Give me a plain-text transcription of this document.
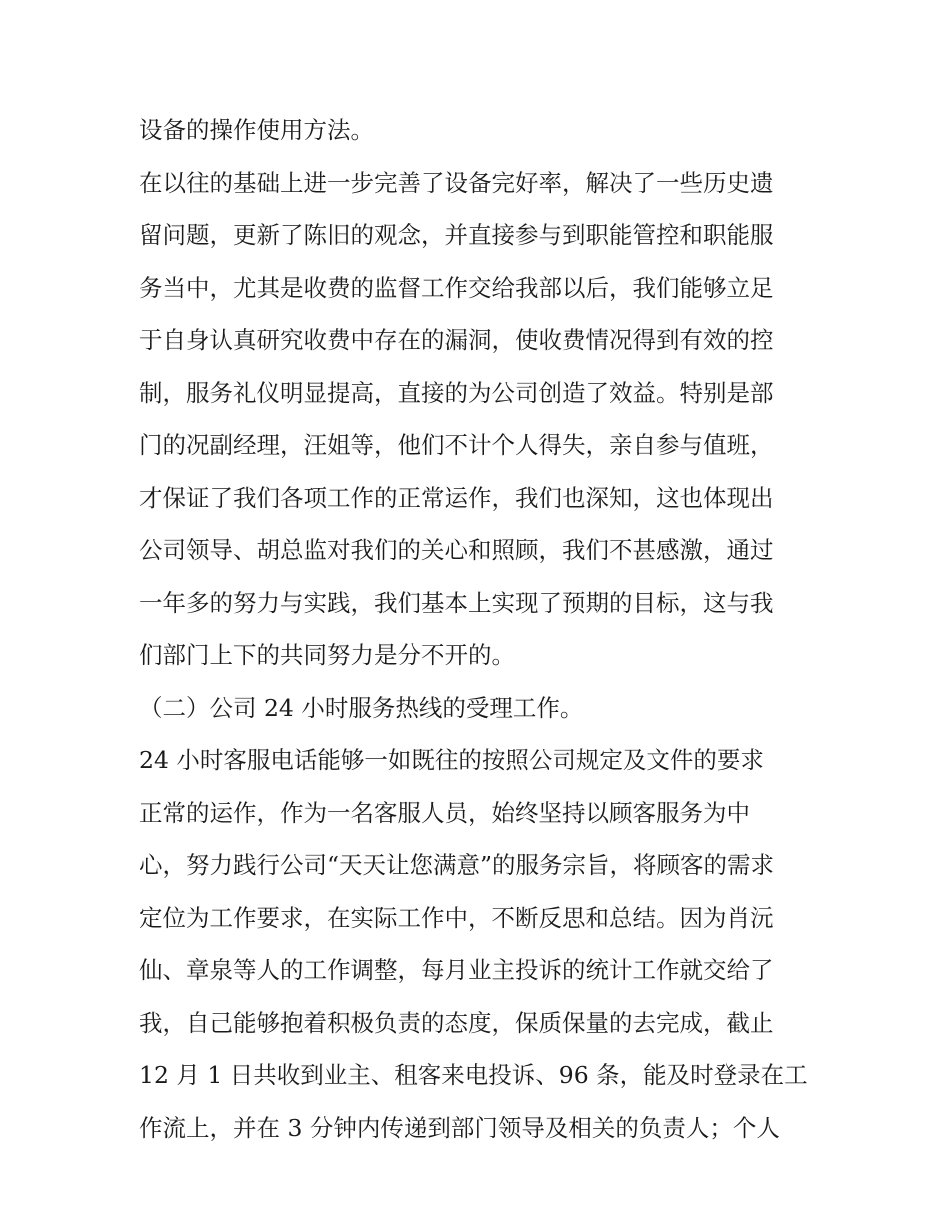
设备的操作使用方法。
在以往的基础上进一步完善了设备完好率，解决了一些历史遗
留问题，更新了陈旧的观念，并直接参与到职能管控和职能服
务当中，尤其是收费的监督工作交给我部以后，我们能够立足
于自身认真研究收费中存在的漏洞，使收费情况得到有效的控
制，服务礼仪明显提高，直接的为公司创造了效益。特别是部
门的况副经理，汪姐等，他们不计个人得失，亲自参与值班，
才保证了我们各项工作的正常运作，我们也深知，这也体现出
公司领导、胡总监对我们的关心和照顾，我们不甚感激，通过
一年多的努力与实践，我们基本上实现了预期的目标，这与我
们部门上下的共同努力是分不开的。
（二）公司 24 小时服务热线的受理工作。
24 小时客服电话能够一如既往的按照公司规定及文件的要求
正常的运作，作为一名客服人员，始终坚持以顾客服务为中
心，努力践行公司“天天让您满意”的服务宗旨，将顾客的需求
定位为工作要求，在实际工作中，不断反思和总结。因为肖沅
仙、章泉等人的工作调整，每月业主投诉的统计工作就交给了
我，自己能够抱着积极负责的态度，保质保量的去完成，截止
12 月 1 日共收到业主、租客来电投诉、96 条，能及时登录在工
作流上，并在 3 分钟内传递到部门领导及相关的负责人；个人
